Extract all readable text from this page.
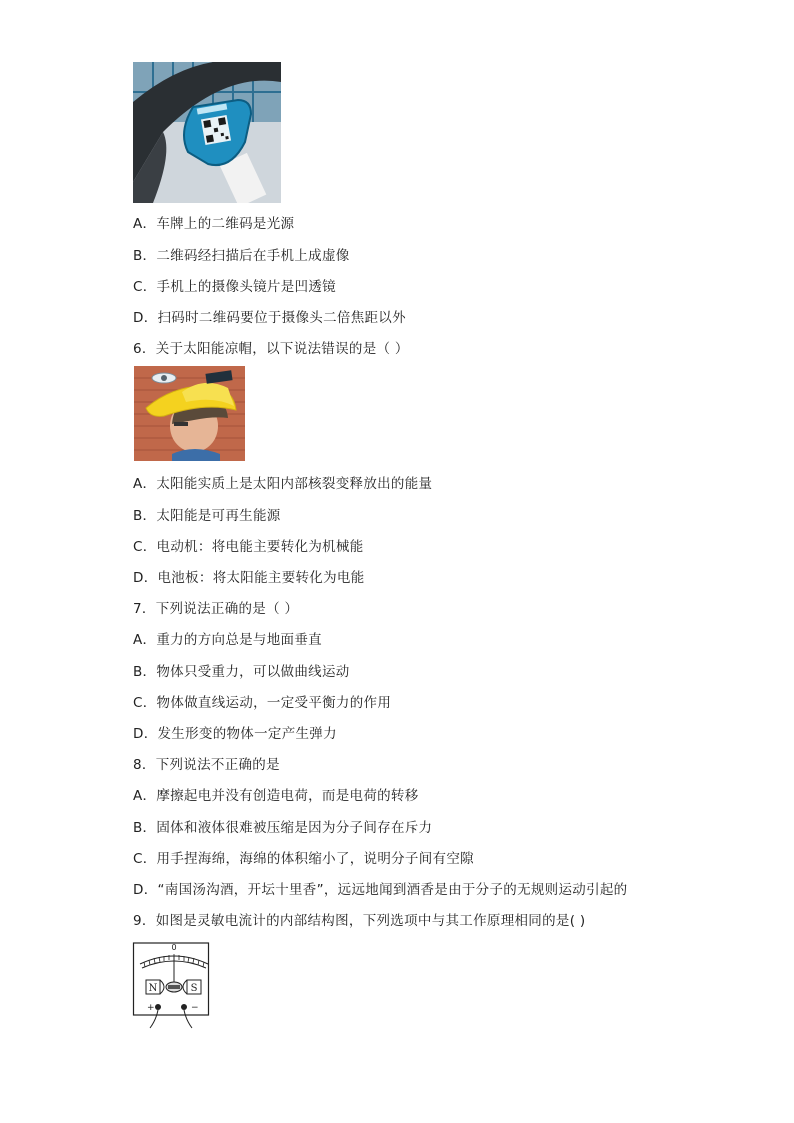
A．车牌上的二维码是光源
B．二维码经扫描后在手机上成虚像
C．手机上的摄像头镜片是凹透镜
D．扫码时二维码要位于摄像头二倍焦距以外
6．关于太阳能凉帽，以下说法错误的是（ ）
A．太阳能实质上是太阳内部核裂变释放出的能量
B．太阳能是可再生能源
C．电动机：将电能主要转化为机械能
D．电池板：将太阳能主要转化为电能
7．下列说法正确的是（ ）
A．重力的方向总是与地面垂直
B．物体只受重力，可以做曲线运动
C．物体做直线运动，一定受平衡力的作用
D．发生形变的物体一定产生弹力
8．下列说法不正确的是
A．摩擦起电并没有创造电荷，而是电荷的转移
B．固体和液体很难被压缩是因为分子间存在斥力
C．用手捏海绵，海绵的体积缩小了，说明分子间有空隙
D．“南国汤沟酒，开坛十里香”，远远地闻到酒香是由于分子的无规则运动引起的
9．如图是灵敏电流计的内部结构图，下列选项中与其工作原理相同的是( )
0
N	S
+	−
